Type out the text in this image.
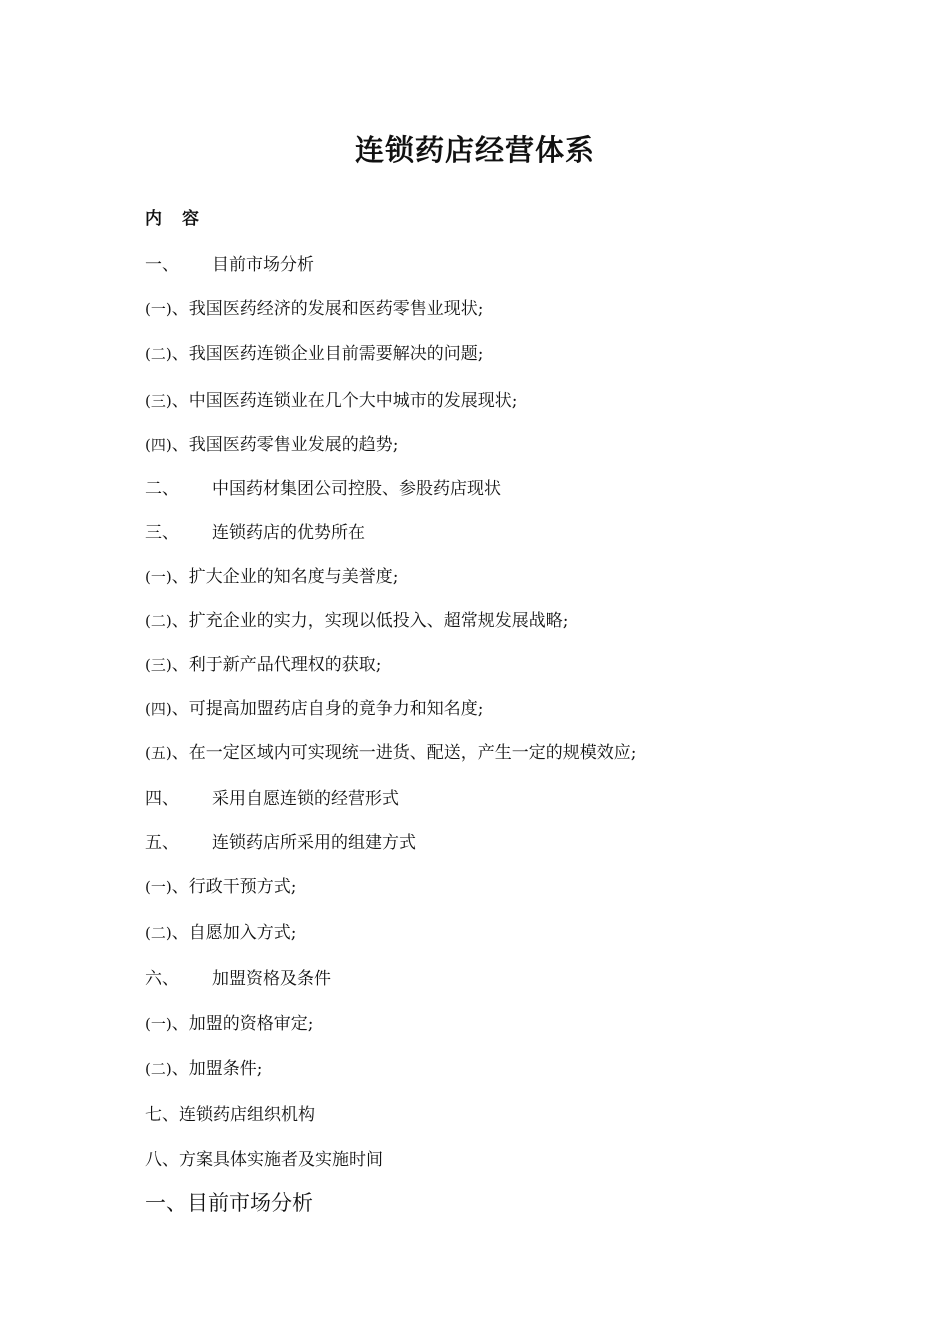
连锁药店经营体系
内容
一、 目前市场分析
(一)、我国医药经济的发展和医药零售业现状;
(二)、我国医药连锁企业目前需要解决的问题;
(三)、中国医药连锁业在几个大中城市的发展现状;
(四)、我国医药零售业发展的趋势;
二、 中国药材集团公司控股、参股药店现状
三、 连锁药店的优势所在
(一)、扩大企业的知名度与美誉度;
(二)、扩充企业的实力，实现以低投入、超常规发展战略;
(三)、利于新产品代理权的获取;
(四)、可提高加盟药店自身的竟争力和知名度;
(五)、在一定区域内可实现统一进货、配送，产生一定的规模效应;
四、 采用自愿连锁的经营形式
五、 连锁药店所采用的组建方式
(一)、行政干预方式;
(二)、自愿加入方式;
六、 加盟资格及条件
(一)、加盟的资格审定;
(二)、加盟条件;
七、连锁药店组织机构
八、方案具体实施者及实施时间
一、目前市场分析
